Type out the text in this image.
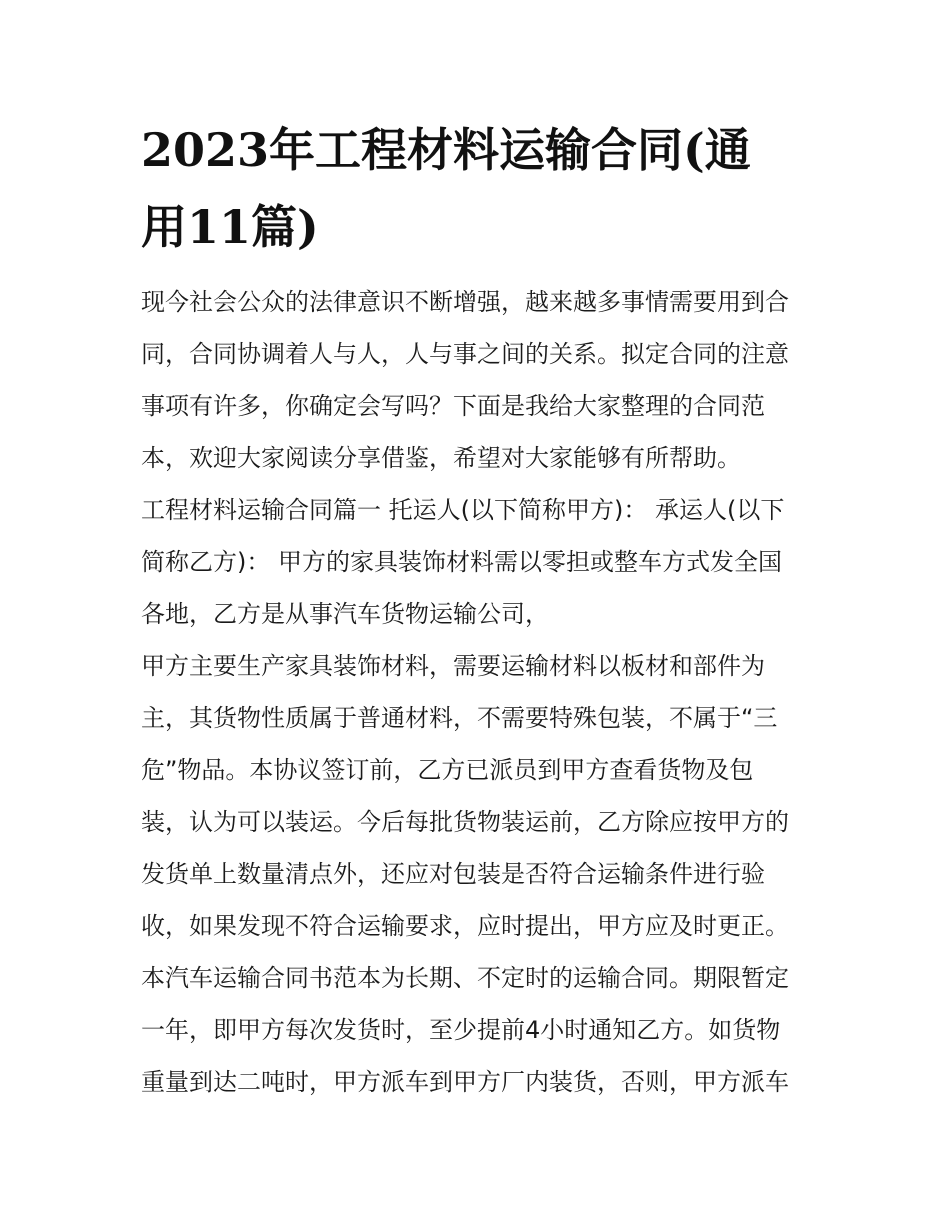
2023年工程材料运输合同(通
用11篇)
现今社会公众的法律意识不断增强，越来越多事情需要用到合
同，合同协调着人与人，人与事之间的关系。拟定合同的注意
事项有许多，你确定会写吗？下面是我给大家整理的合同范
本，欢迎大家阅读分享借鉴，希望对大家能够有所帮助。
工程材料运输合同篇一 托运人(以下简称甲方)： 承运人(以下
简称乙方)： 甲方的家具装饰材料需以零担或整车方式发全国
各地，乙方是从事汽车货物运输公司，
甲方主要生产家具装饰材料，需要运输材料以板材和部件为
主，其货物性质属于普通材料，不需要特殊包装，不属于“三
危”物品。本协议签订前，乙方已派员到甲方查看货物及包
装，认为可以装运。今后每批货物装运前，乙方除应按甲方的
发货单上数量清点外，还应对包装是否符合运输条件进行验
收，如果发现不符合运输要求，应时提出，甲方应及时更正。
本汽车运输合同书范本为长期、不定时的运输合同。期限暂定
一年，即甲方每次发货时，至少提前4小时通知乙方。如货物
重量到达二吨时，甲方派车到甲方厂内装货，否则，甲方派车
